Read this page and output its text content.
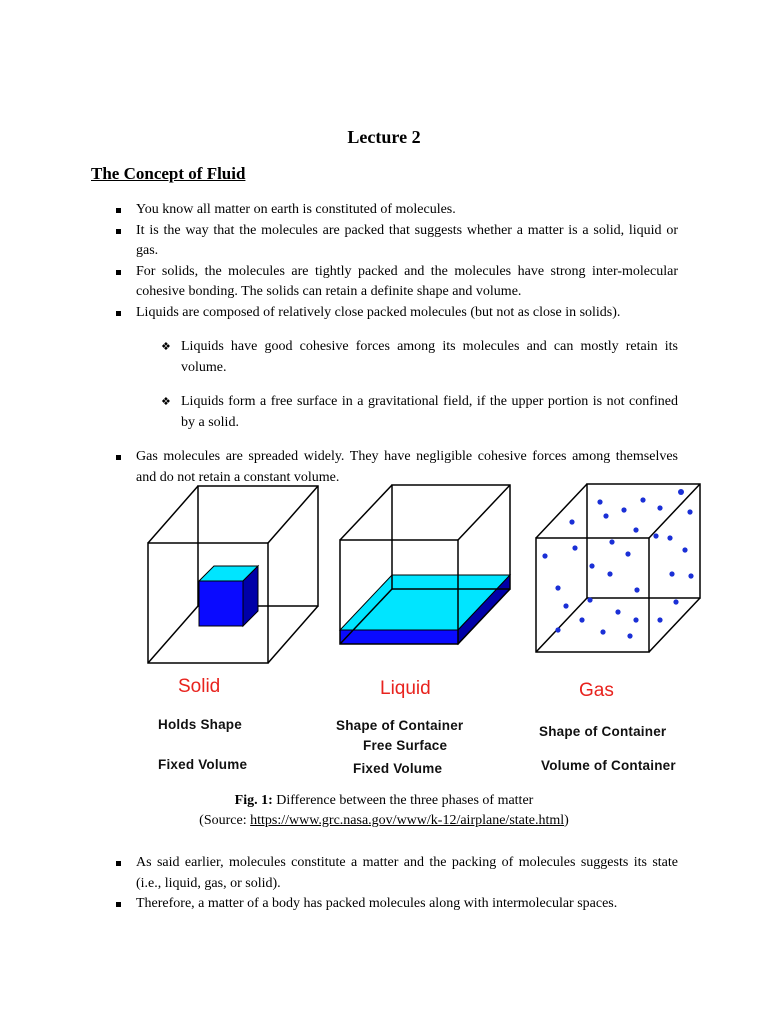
Lecture 2
The Concept of Fluid

You know all matter on earth is constituted of molecules.

It is the way that the molecules are packed that suggests whether a matter is a solid, liquid or gas.

For solids, the molecules are tightly packed and the molecules have strong inter-molecular cohesive bonding. The solids can retain a definite shape and volume.

Liquids are composed of relatively close packed molecules (but not as close in solids).

❖ Liquids have good cohesive forces among its molecules and can mostly retain its volume.

❖ Liquids form a free surface in a gravitational field, if the upper portion is not confined by a solid.

Gas molecules are spreaded widely. They have negligible cohesive forces among themselves and do not retain a constant volume.

Solid
Holds Shape
Fixed Volume
Liquid
Shape of Container
Free Surface
Fixed Volume
Gas
Shape of Container
Volume of Container
Fig. 1: Difference between the three phases of matter
(Source: https://www.grc.nasa.gov/www/k-12/airplane/state.html)

As said earlier, molecules constitute a matter and the packing of molecules suggests its state (i.e., liquid, gas, or solid).

Therefore, a matter of a body has packed molecules along with intermolecular spaces.
